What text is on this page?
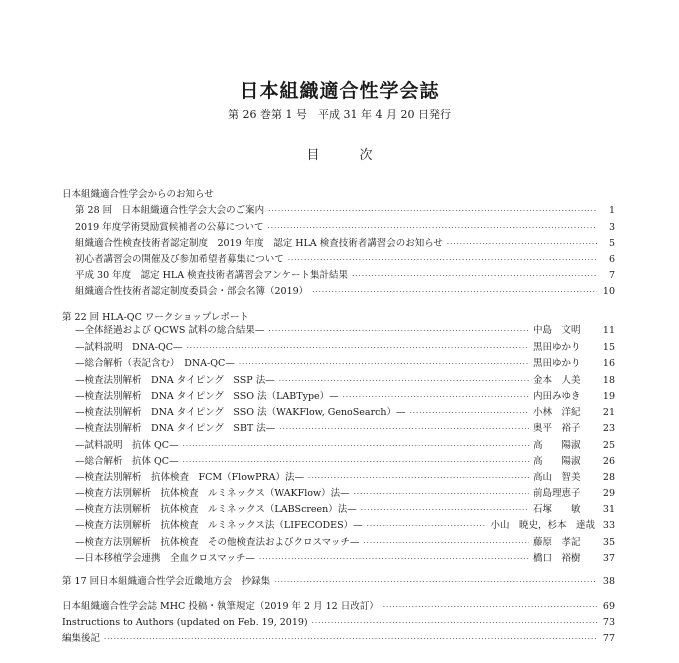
日本組織適合性学会誌
第 26 巻第 1 号　平成 31 年 4 月 20 日発行
目	次
日本組織適合性学会からのお知らせ
第 28 回　日本組織適合性学会大会のご案内 ·····	1
2019 年度学術奨励賞候補者の公募について ·····	3
組織適合性検査技術者認定制度　2019 年度　認定 HLA 検査技術者講習会のお知らせ ·····	5
初心者講習会の開催及び参加希望者募集について ·····	6
平成 30 年度　認定 HLA 検査技術者講習会アンケート集計結果 ·····	7
組織適合性技術者認定制度委員会・部会名簿（2019） ·····	10
第 22 回 HLA-QC ワークショップレポート
—全体経過および QCWS 試料の総合結果— ·····	中島　文明	11
—試料説明　DNA-QC— ·····	黒田ゆかり	15
—総合解析（表記含む）　DNA-QC— ·····	黒田ゆかり	16
—検査法別解析　DNA タイピング　SSP 法— ·····	金本　人美	18
—検査法別解析　DNA タイピング　SSO 法（LABType）— ·····	内田みゆき	19
—検査法別解析　DNA タイピング　SSO 法（WAKFlow, GenoSearch）— ·····	小林　洋紀	21
—検査法別解析　DNA タイピング　SBT 法— ·····	奥平　裕子	23
—試料説明　抗体 QC— ·····	高　　陽淑	25
—総合解析　抗体 QC— ·····	高　　陽淑	26
—検査法別解析　抗体検査　FCM（FlowPRA）法— ·····	高山　智美	28
—検査方法別解析　抗体検査　ルミネックス（WAKFlow）法— ·····	前島理恵子	29
—検査方法別解析　抗体検査　ルミネックス（LABScreen）法— ·····	石塚　　敏	31
—検査方法別解析　抗体検査　ルミネックス法（LIFECODES）— ·····	小山　暁史，杉本　達哉 33
—検査方法別解析　抗体検査　その他検査法およびクロスマッチ— ·····	藤原　孝記	35
—日本移植学会連携　全血クロスマッチ— ·····	橋口　裕樹	37
第 17 回日本組織適合性学会近畿地方会　抄録集 ·····	38
日本組織適合性学会誌 MHC 投稿・執筆規定（2019 年 2 月 12 日改訂） ·····	69
Instructions to Authors (updated on Feb. 19, 2019) ·····	73
編集後記 ·····	77
